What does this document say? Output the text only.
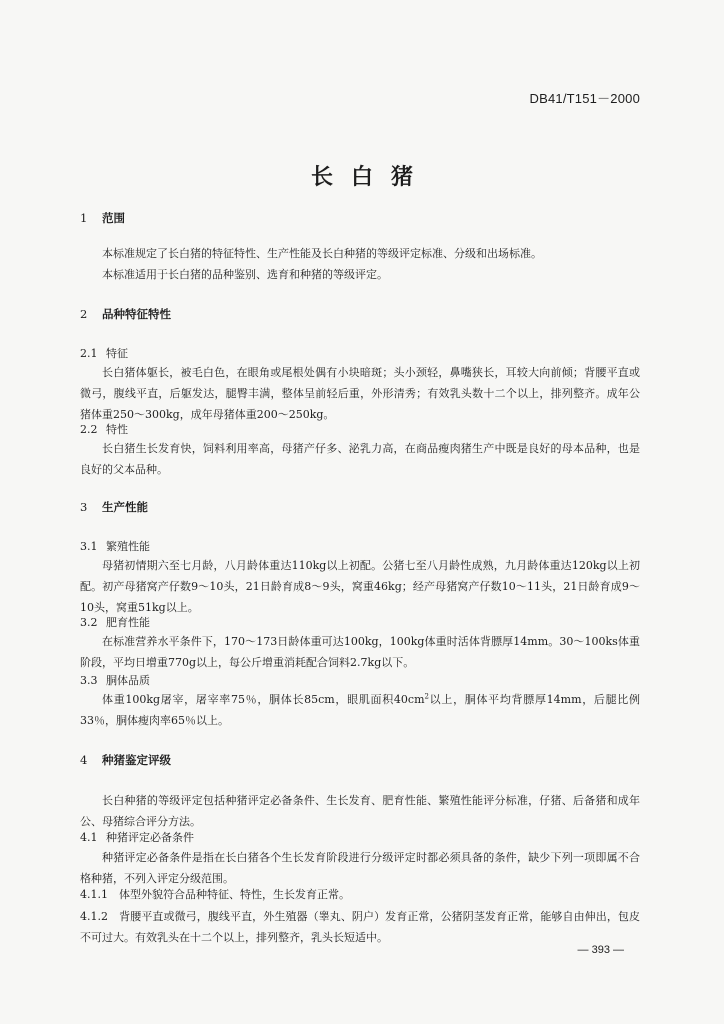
DB41/T151－2000
长白猪
1 范围

本标准规定了长白猪的特征特性、生产性能及长白种猪的等级评定标准、分级和出场标准。

本标准适用于长白猪的品种鉴别、选育和种猪的等级评定。

2 品种特征特性
2.1 特征

长白猪体躯长，被毛白色，在眼角或尾根处偶有小块暗斑；头小颈轻，鼻嘴狭长，耳较大向前倾；背腰平直或微弓，腹线平直，后躯发达，腿臀丰满，整体呈前轻后重，外形清秀；有效乳头数十二个以上，排列整齐。成年公猪体重250～300kg，成年母猪体重200～250kg。

2.2 特性

长白猪生长发育快，饲料利用率高，母猪产仔多、泌乳力高，在商品瘦肉猪生产中既是良好的母本品种，也是良好的父本品种。

3 生产性能
3.1 繁殖性能

母猪初情期六至七月龄，八月龄体重达110kg以上初配。公猪七至八月龄性成熟，九月龄体重达120kg以上初配。初产母猪窝产仔数9～10头，21日龄育成8～9头，窝重46kg；经产母猪窝产仔数10～11头，21日龄育成9～10头，窝重51kg以上。

3.2 肥育性能

在标准营养水平条件下，170～173日龄体重可达100kg，100kg体重时活体背膘厚14mm。30～100ks体重阶段，平均日增重770g以上，每公斤增重消耗配合饲料2.7kg以下。

3.3 胴体品质

体重100kg屠宰，屠宰率75％，胴体长85cm，眼肌面积$40cm^2$以上，胴体平均背膘厚14mm，后腿比例33％，胴体瘦肉率65％以上。

4 种猪鉴定评级

长白种猪的等级评定包括种猪评定必备条件、生长发育、肥育性能、繁殖性能评分标准，仔猪、后备猪和成年公、母猪综合评分方法。

4.1 种猪评定必备条件

种猪评定必备条件是指在长白猪各个生长发育阶段进行分级评定时都必须具备的条件，缺少下列一项即属不合格种猪，不列入评定分级范围。

4.1.1　体型外貌符合品种特征、特性，生长发育正常。

4.1.2　背腰平直或微弓，腹线平直，外生殖器（睾丸、阴户）发育正常，公猪阴茎发育正常，能够自由伸出，包皮不可过大。有效乳头在十二个以上，排列整齐，乳头长短适中。

— 393 —
